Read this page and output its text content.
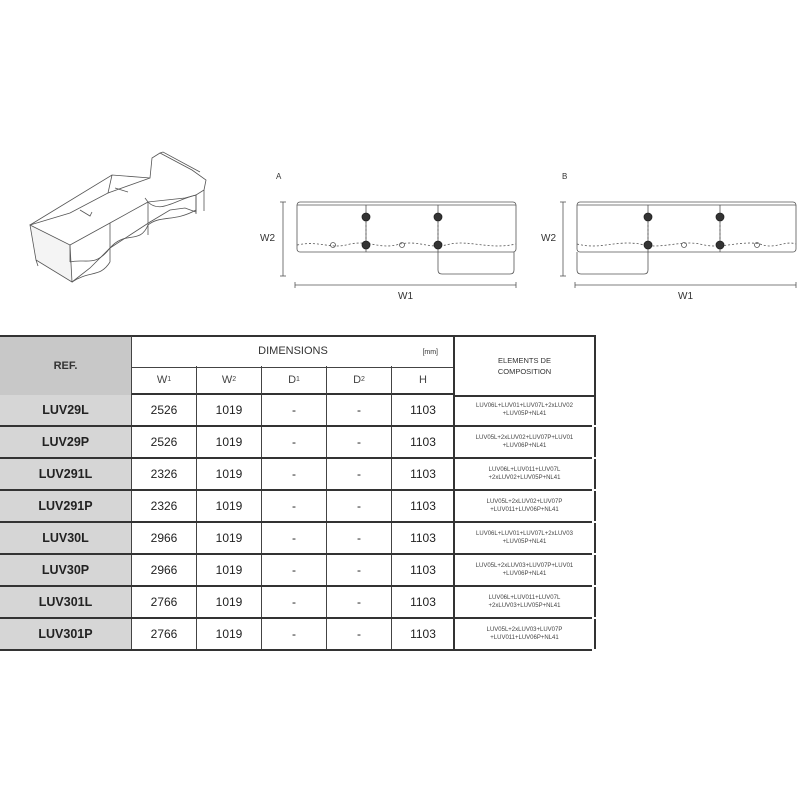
A	B
W2
W1
W2
W1
REF.
DIMENSIONS	[mm]
ELEMENTS DE
COMPOSITION
W 1	W 2	D 1	D 2	H
LUV29L	2526	1019	-	-	1103	LUV06L+LUV01+LUV07L+2xLUV02
+LUV05P+NL41
LUV29P	2526	1019	-	-	1103	LUV05L+2xLUV02+LUV07P+LUV01
+LUV06P+NL41
LUV291L	2326	1019	-	-	1103	LUV06L+LUV011+LUV07L
+2xLUV02+LUV05P+NL41
LUV291P	2326	1019	-	-	1103	LUV05L+2xLUV02+LUV07P
+LUV011+LUV06P+NL41
LUV30L	2966	1019	-	-	1103	LUV06L+LUV01+LUV07L+2xLUV03
+LUV05P+NL41
LUV30P	2966	1019	-	-	1103	LUV05L+2xLUV03+LUV07P+LUV01
+LUV06P+NL41
LUV301L	2766	1019	-	-	1103	LUV06L+LUV011+LUV07L
+2xLUV03+LUV05P+NL41
LUV301P	2766	1019	-	-	1103	LUV05L+2xLUV03+LUV07P
+LUV011+LUV06P+NL41
